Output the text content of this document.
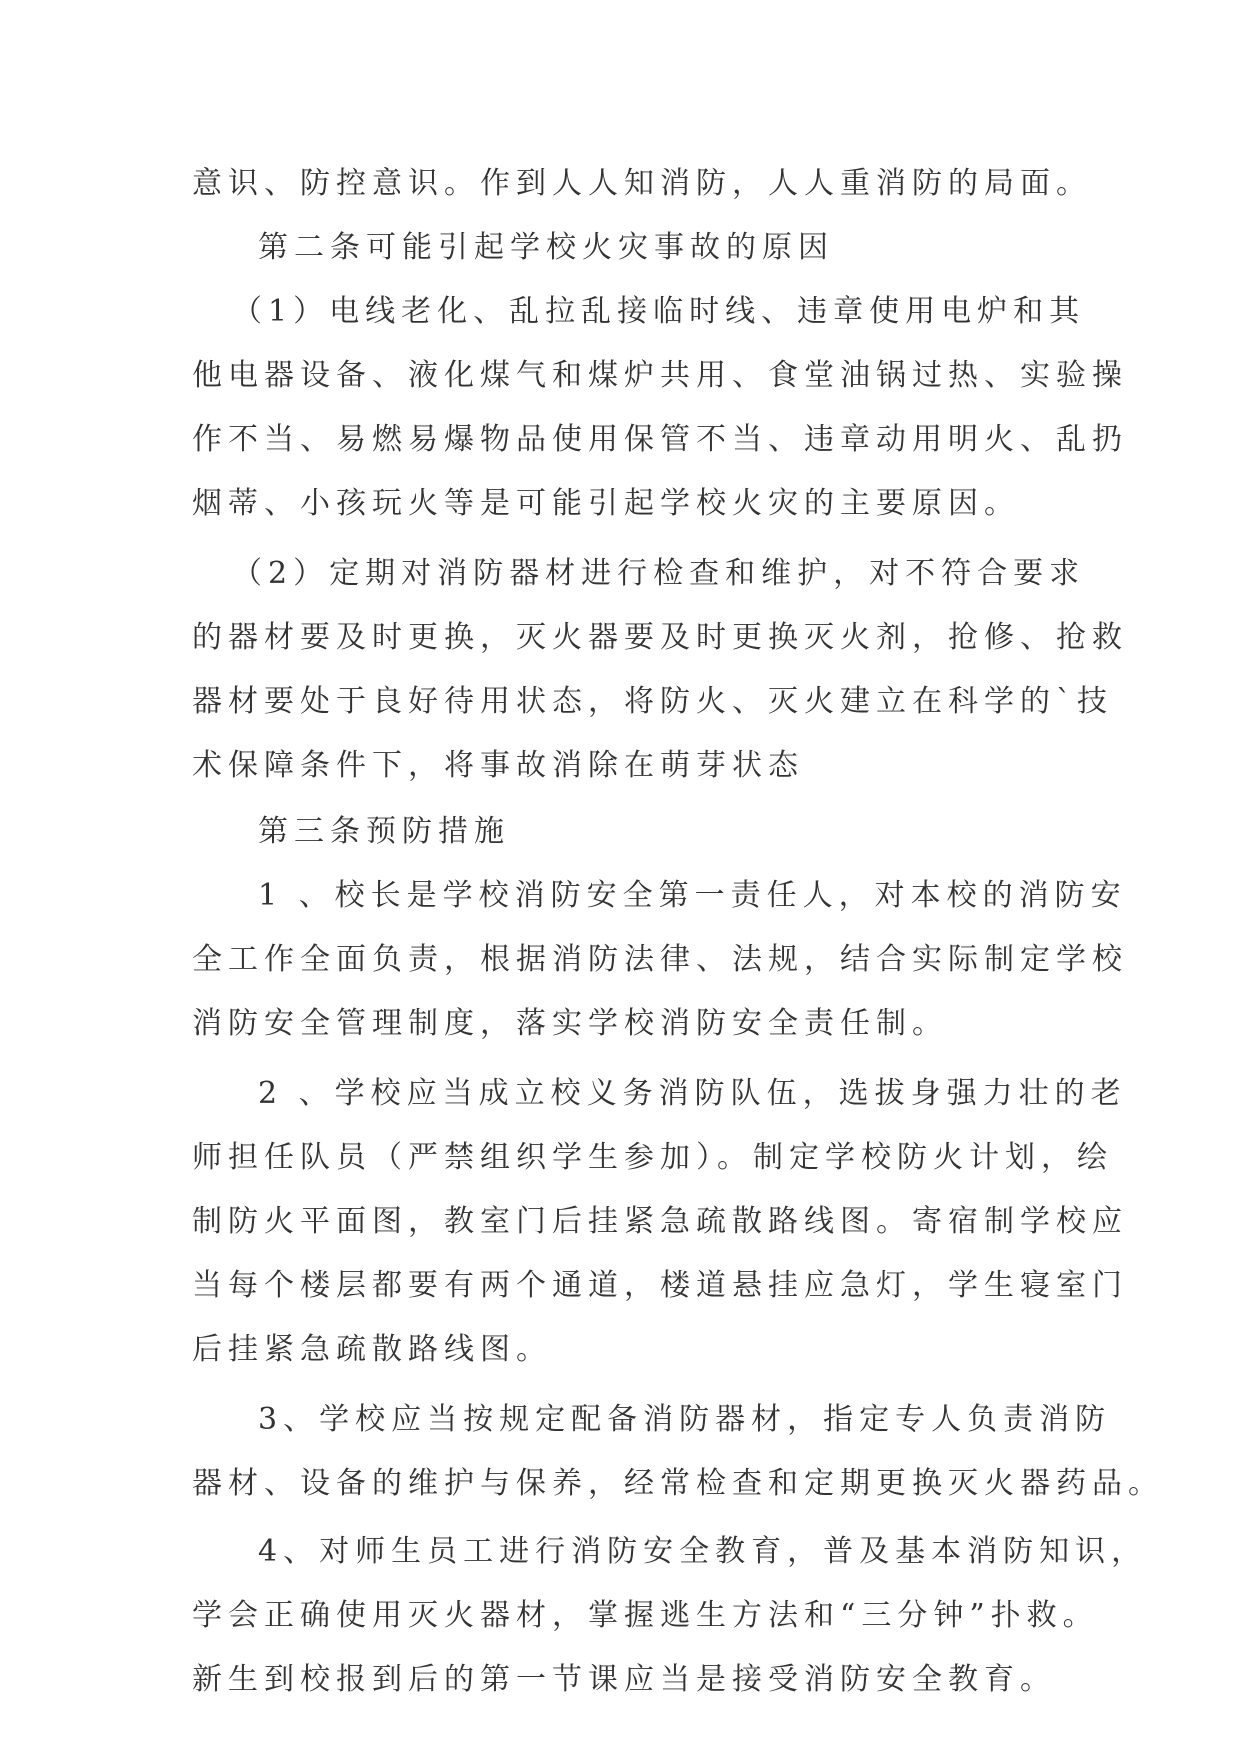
意识、防控意识。作到人人知消防，人人重消防的局面。
第二条可能引起学校火灾事故的原因
（1）电线老化、乱拉乱接临时线、违章使用电炉和其
他电器设备、液化煤气和煤炉共用、食堂油锅过热、实验操
作不当、易燃易爆物品使用保管不当、违章动用明火、乱扔
烟蒂、小孩玩火等是可能引起学校火灾的主要原因。
（2）定期对消防器材进行检查和维护，对不符合要求
的器材要及时更换，灭火器要及时更换灭火剂，抢修、抢救
器材要处于良好待用状态，将防火、灭火建立在科学的`技
术保障条件下，将事故消除在萌芽状态
第三条预防措施
1 、校长是学校消防安全第一责任人，对本校的消防安
全工作全面负责，根据消防法律、法规，结合实际制定学校
消防安全管理制度，落实学校消防安全责任制。
2 、学校应当成立校义务消防队伍，选拔身强力壮的老
师担任队员（严禁组织学生参加）。制定学校防火计划，绘
制防火平面图，教室门后挂紧急疏散路线图。寄宿制学校应
当每个楼层都要有两个通道，楼道悬挂应急灯，学生寝室门
后挂紧急疏散路线图。
3、学校应当按规定配备消防器材，指定专人负责消防
器材、设备的维护与保养，经常检查和定期更换灭火器药品。
4、对师生员工进行消防安全教育，普及基本消防知识，
学会正确使用灭火器材，掌握逃生方法和“三分钟”扑救。
新生到校报到后的第一节课应当是接受消防安全教育。
